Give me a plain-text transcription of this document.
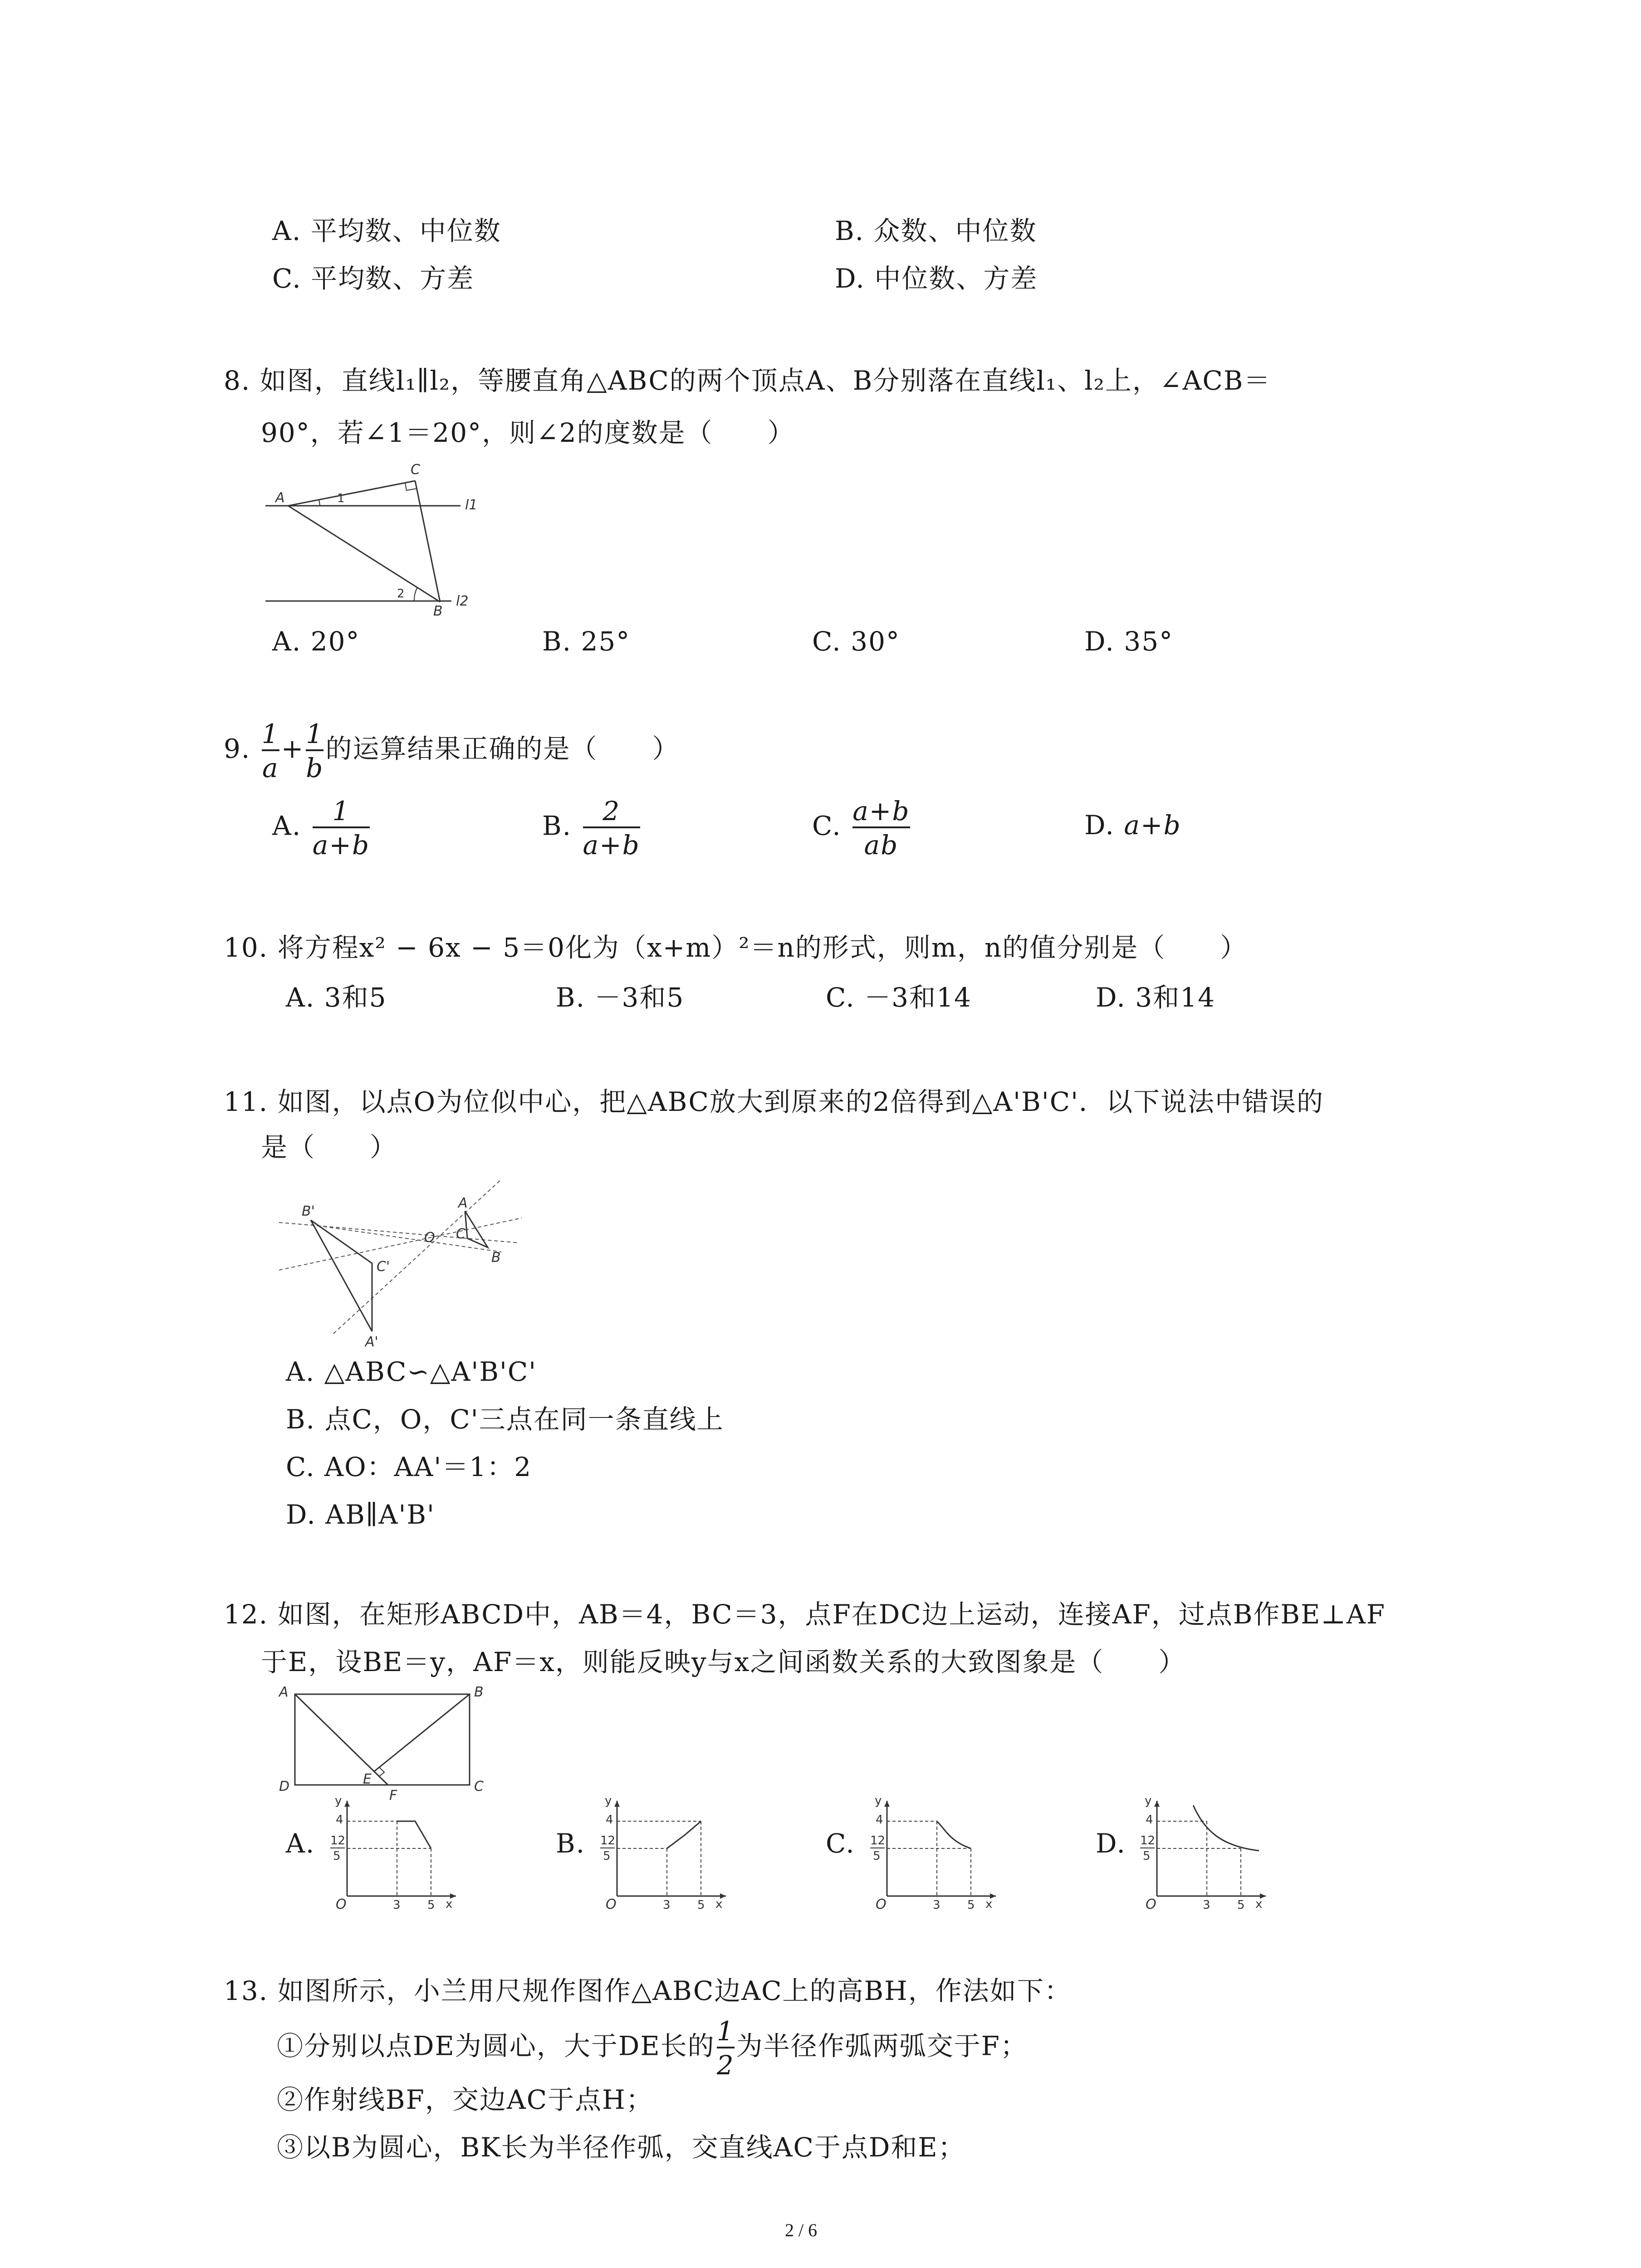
A. 平均数、中位数	B. 众数、中位数
C. 平均数、方差	D. 中位数、方差
8. 如图，直线l₁∥l₂，等腰直角△ABC的两个顶点A、B分别落在直线l₁、l₂上，∠ACB＝
90°，若∠1＝20°，则∠2的度数是（　　）
A
C
B
1
2
l1
l2
A. 20°	B. 25°	C. 30°	D. 35°
9. $\frac{1}{a} + \frac{1}{b}$ 的运算结果正确的是（　　）
A. $\frac{1}{a+b}$	B. $\frac{2}{a+b}$	C. $\frac{a+b}{ab}$	D. a+b
10. 将方程x² − 6x − 5＝0化为（x+m）²＝n的形式，则m，n的值分别是（　　）
A. 3和5	B. －3和5	C. －3和14	D. 3和14
11. 如图，以点O为位似中心，把△ABC放大到原来的2倍得到△A'B'C'．以下说法中错误的
是（　　）
A
B
C
O
A'
B'
C'
A. △ABC∽△A'B'C'
B. 点C，O，C'三点在同一条直线上
C. AO：AA'＝1：2
D. AB∥A'B'
12. 如图，在矩形ABCD中，AB＝4，BC＝3，点F在DC边上运动，连接AF，过点B作BE⊥AF
于E，设BE＝y，AF＝x，则能反映y与x之间函数关系的大致图象是（　　）
A	B
C
D	E
F
A.	B.	C.	D.
y
4
12
5
O	3 5 x
y
4
12
5
O	3 5 x
y
4
12
5
O	3 5 x
y
4
12
5
O	3 5 x
13. 如图所示，小兰用尺规作图作△ABC边AC上的高BH，作法如下：
①分别以点DE为圆心，大于DE长的 $\frac{1}{2}$ 为半径作弧两弧交于F；
②作射线BF，交边AC于点H；
③以B为圆心，BK长为半径作弧，交直线AC于点D和E；
2 / 6
